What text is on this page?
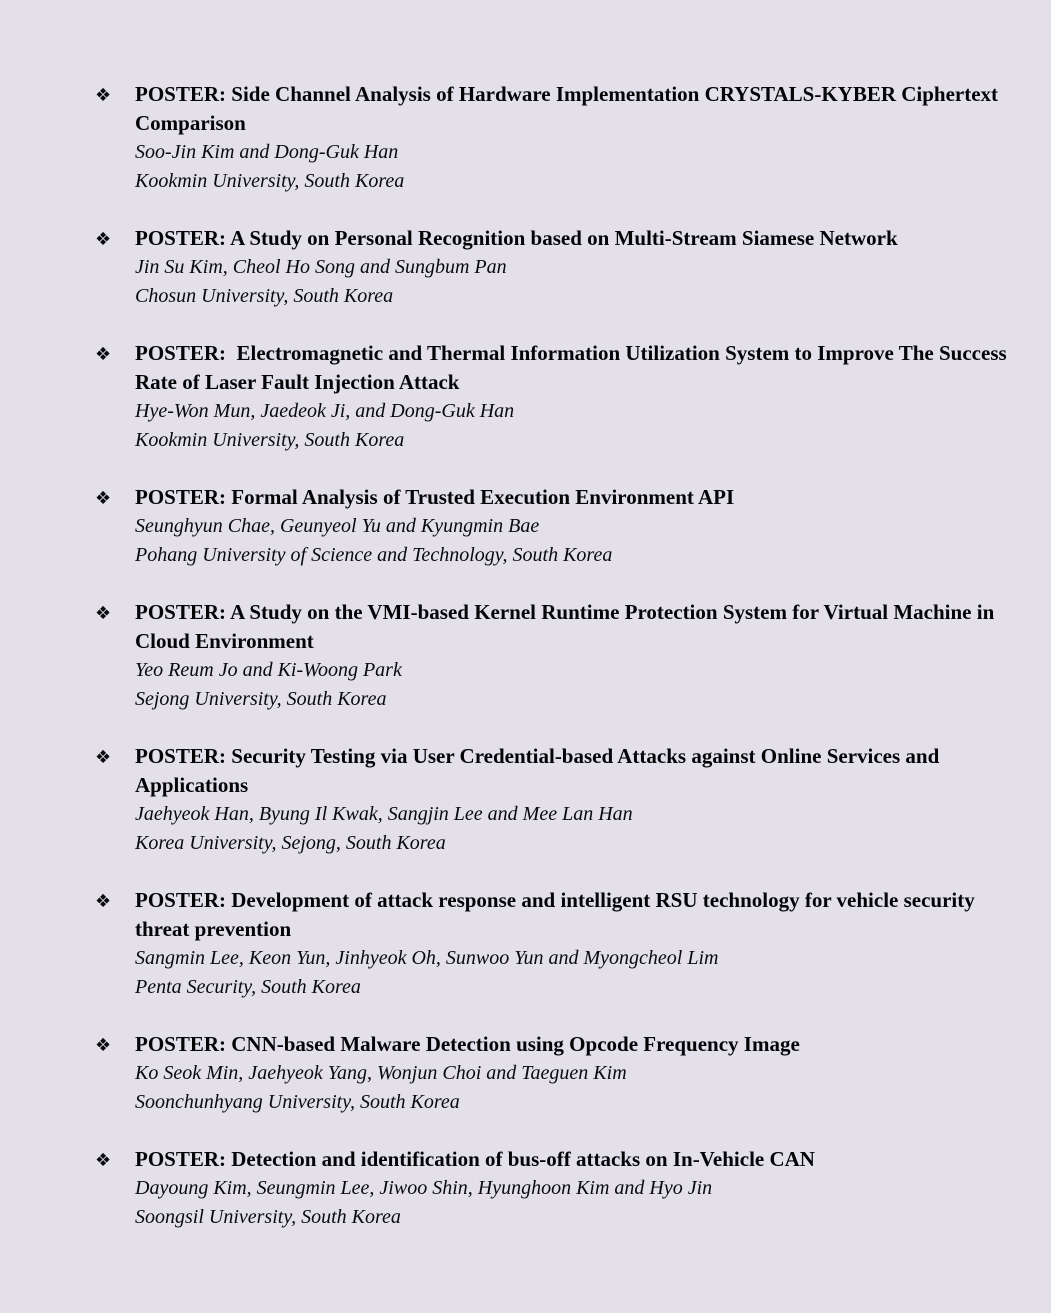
❖	POSTER: Side Channel Analysis of Hardware Implementation CRYSTALS-KYBER Ciphertext Comparison
Soo-Jin Kim and Dong-Guk Han
Kookmin University, South Korea
❖	POSTER: A Study on Personal Recognition based on Multi-Stream Siamese Network
Jin Su Kim, Cheol Ho Song and Sungbum Pan
Chosun University, South Korea
❖	POSTER:  Electromagnetic and Thermal Information Utilization System to Improve The Success Rate of Laser Fault Injection Attack
Hye-Won Mun, Jaedeok Ji, and Dong-Guk Han
Kookmin University, South Korea
❖	POSTER: Formal Analysis of Trusted Execution Environment API
Seunghyun Chae, Geunyeol Yu and Kyungmin Bae
Pohang University of Science and Technology, South Korea
❖	POSTER: A Study on the VMI-based Kernel Runtime Protection System for Virtual Machine in Cloud Environment
Yeo Reum Jo and Ki-Woong Park
Sejong University, South Korea
❖	POSTER: Security Testing via User Credential-based Attacks against Online Services and Applications
Jaehyeok Han, Byung Il Kwak, Sangjin Lee and Mee Lan Han
Korea University, Sejong, South Korea
❖	POSTER: Development of attack response and intelligent RSU technology for vehicle security threat prevention
Sangmin Lee, Keon Yun, Jinhyeok Oh, Sunwoo Yun and Myongcheol Lim
Penta Security, South Korea
❖	POSTER: CNN-based Malware Detection using Opcode Frequency Image
Ko Seok Min, Jaehyeok Yang, Wonjun Choi and Taeguen Kim
Soonchunhyang University, South Korea
❖	POSTER: Detection and identification of bus-off attacks on In-Vehicle CAN
Dayoung Kim, Seungmin Lee, Jiwoo Shin, Hyunghoon Kim and Hyo Jin
Soongsil University, South Korea
